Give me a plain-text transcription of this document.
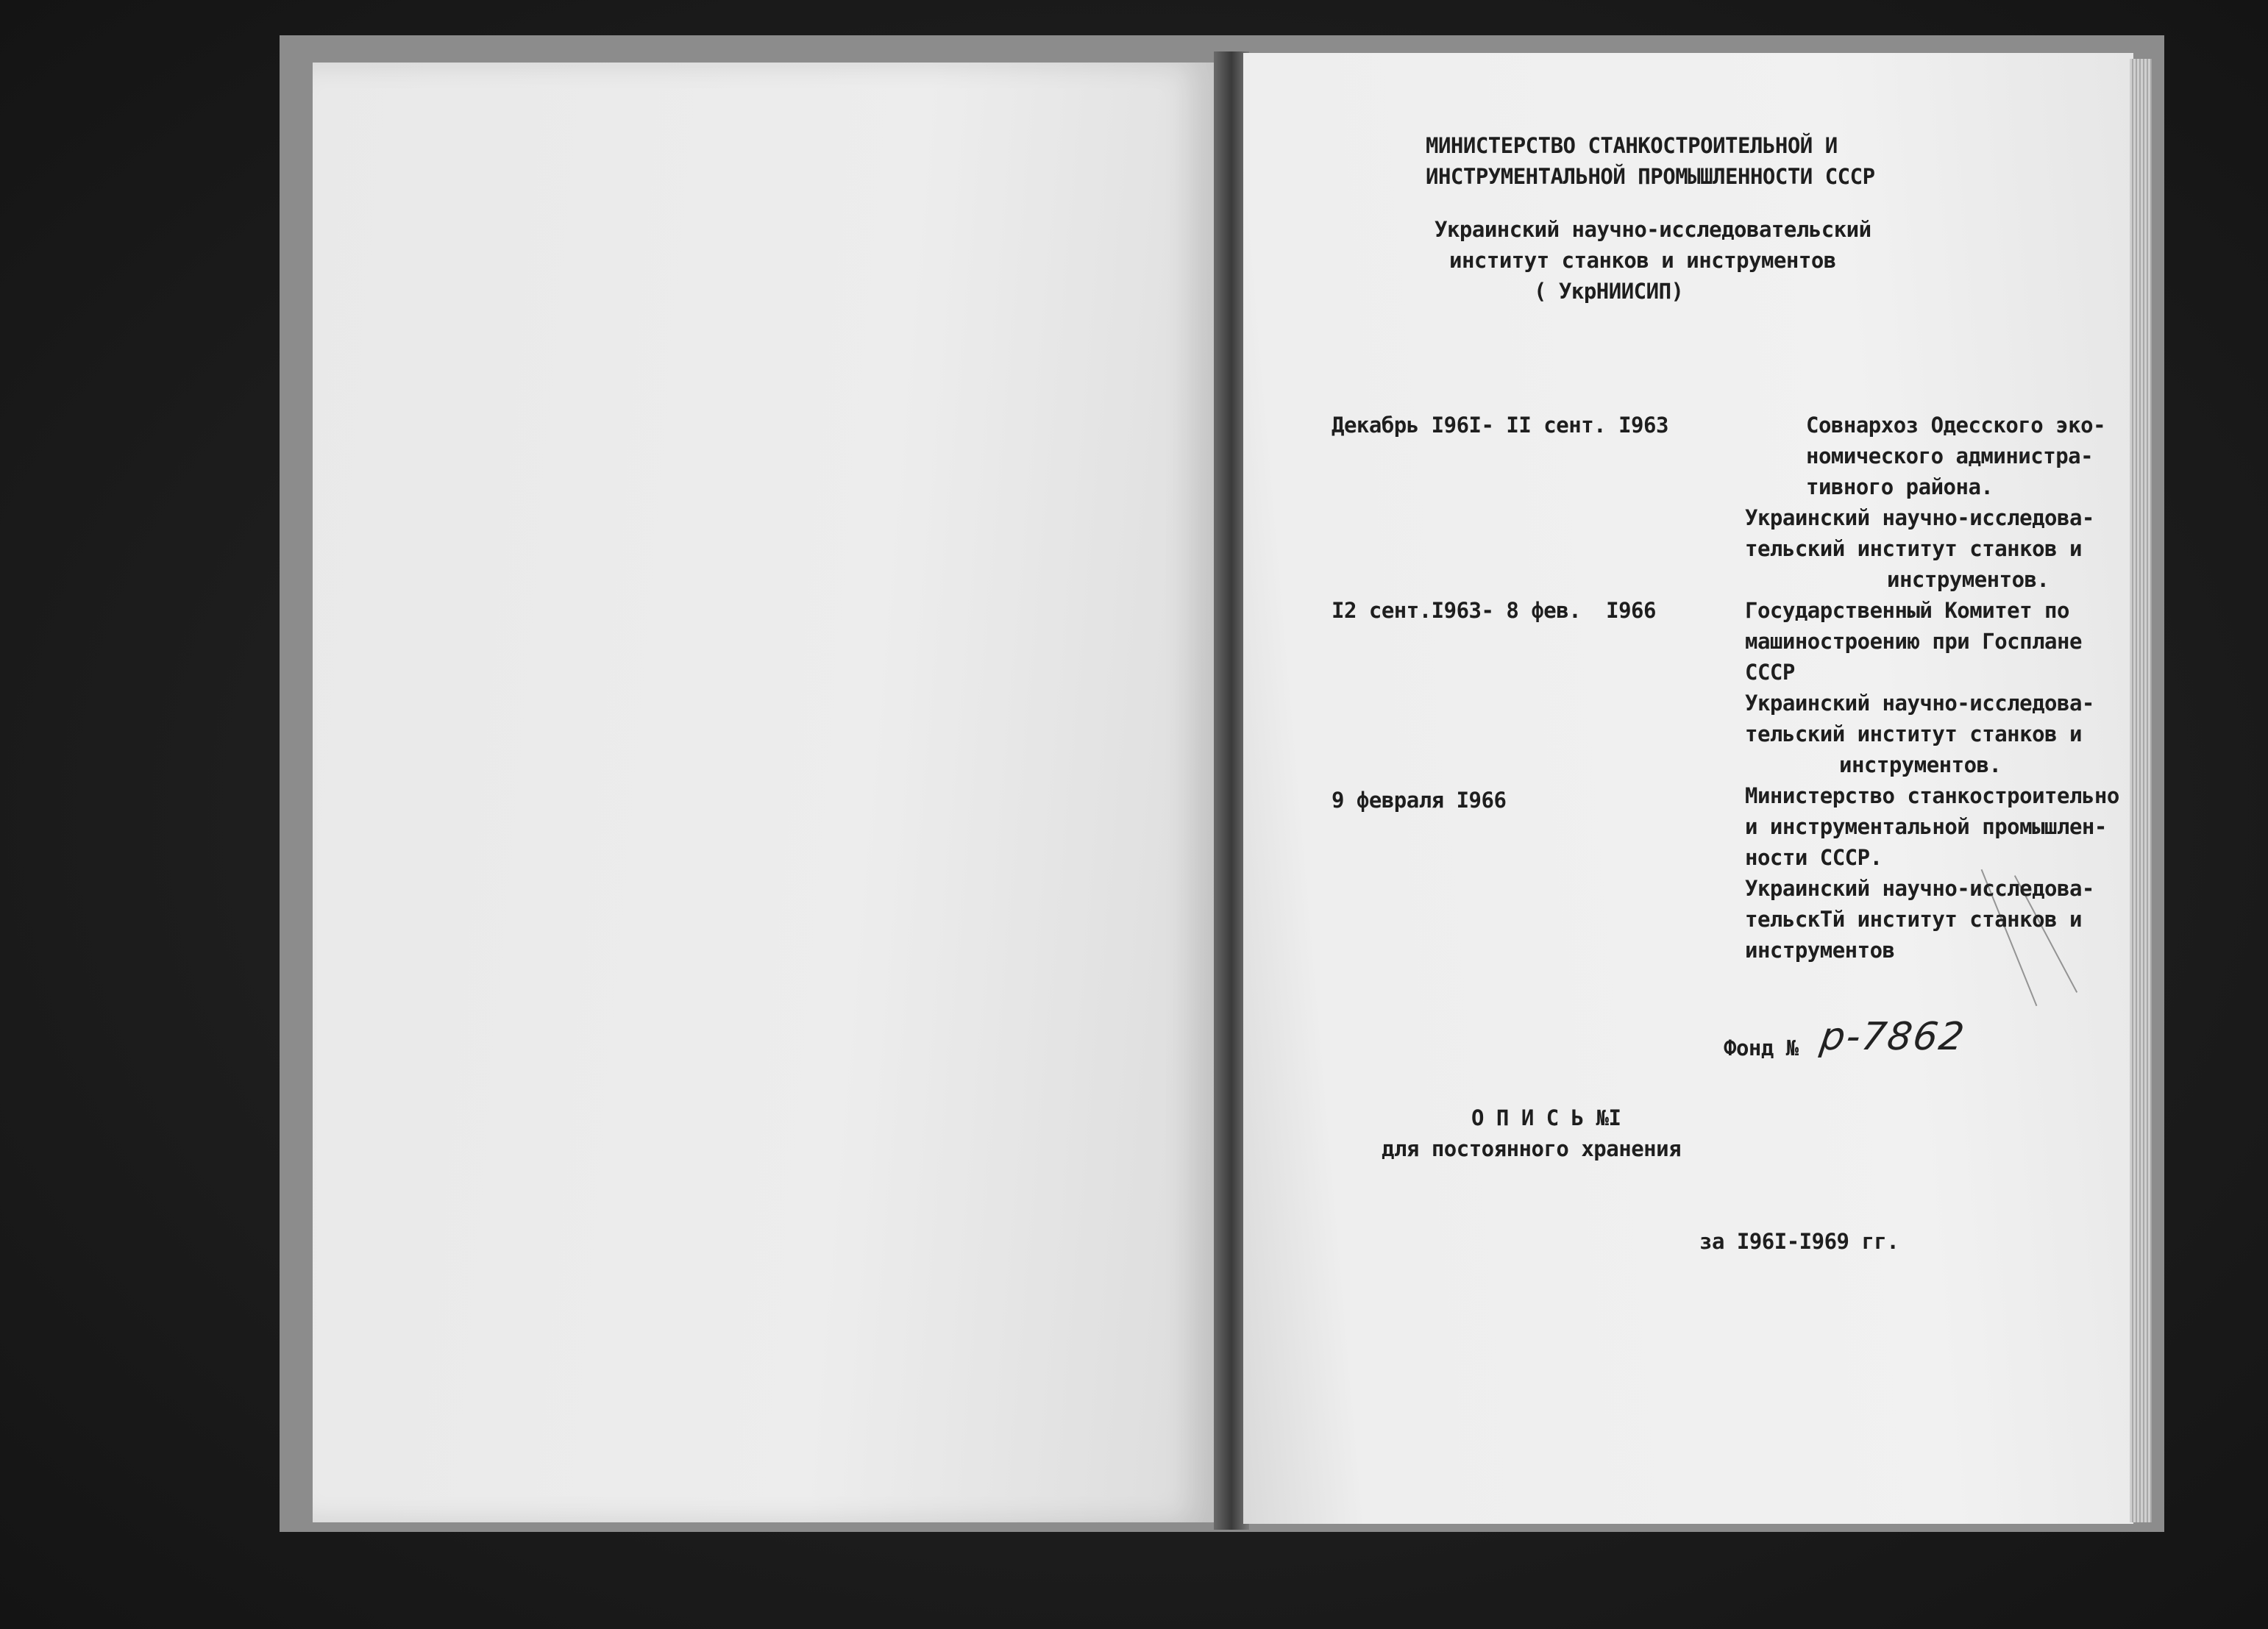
МИНИСТЕРСТВО СТАНКОСТРОИТЕЛЬНОЙ И
ИНСТРУМЕНТАЛЬНОЙ ПРОМЫШЛЕННОСТИ СССР
Украинский научно-исследовательский
институт станков и инструментов
( УкрНИИСИП)
Декабрь I96I- II сент. I963	Совнархоз Одесского эко-
номического администра-
тивного района.
Украинский научно-исследова-
тельский институт станков и
инструментов.
I2 сент.I963- 8 фев.  I966	Государственный Комитет по
машиностроению при Госплане
СССР
Украинский научно-исследова-
тельский институт станков и
инструментов.
9 февраля I966	Министерство станкостроительно
и инструментальной промышлен-
ности СССР.
Украинский научно-исследова-
тельскТй институт станков и
инструментов
Фонд № р-7862
О П И С Ь №I
для постоянного хранения
за I96I-I969 гг.
